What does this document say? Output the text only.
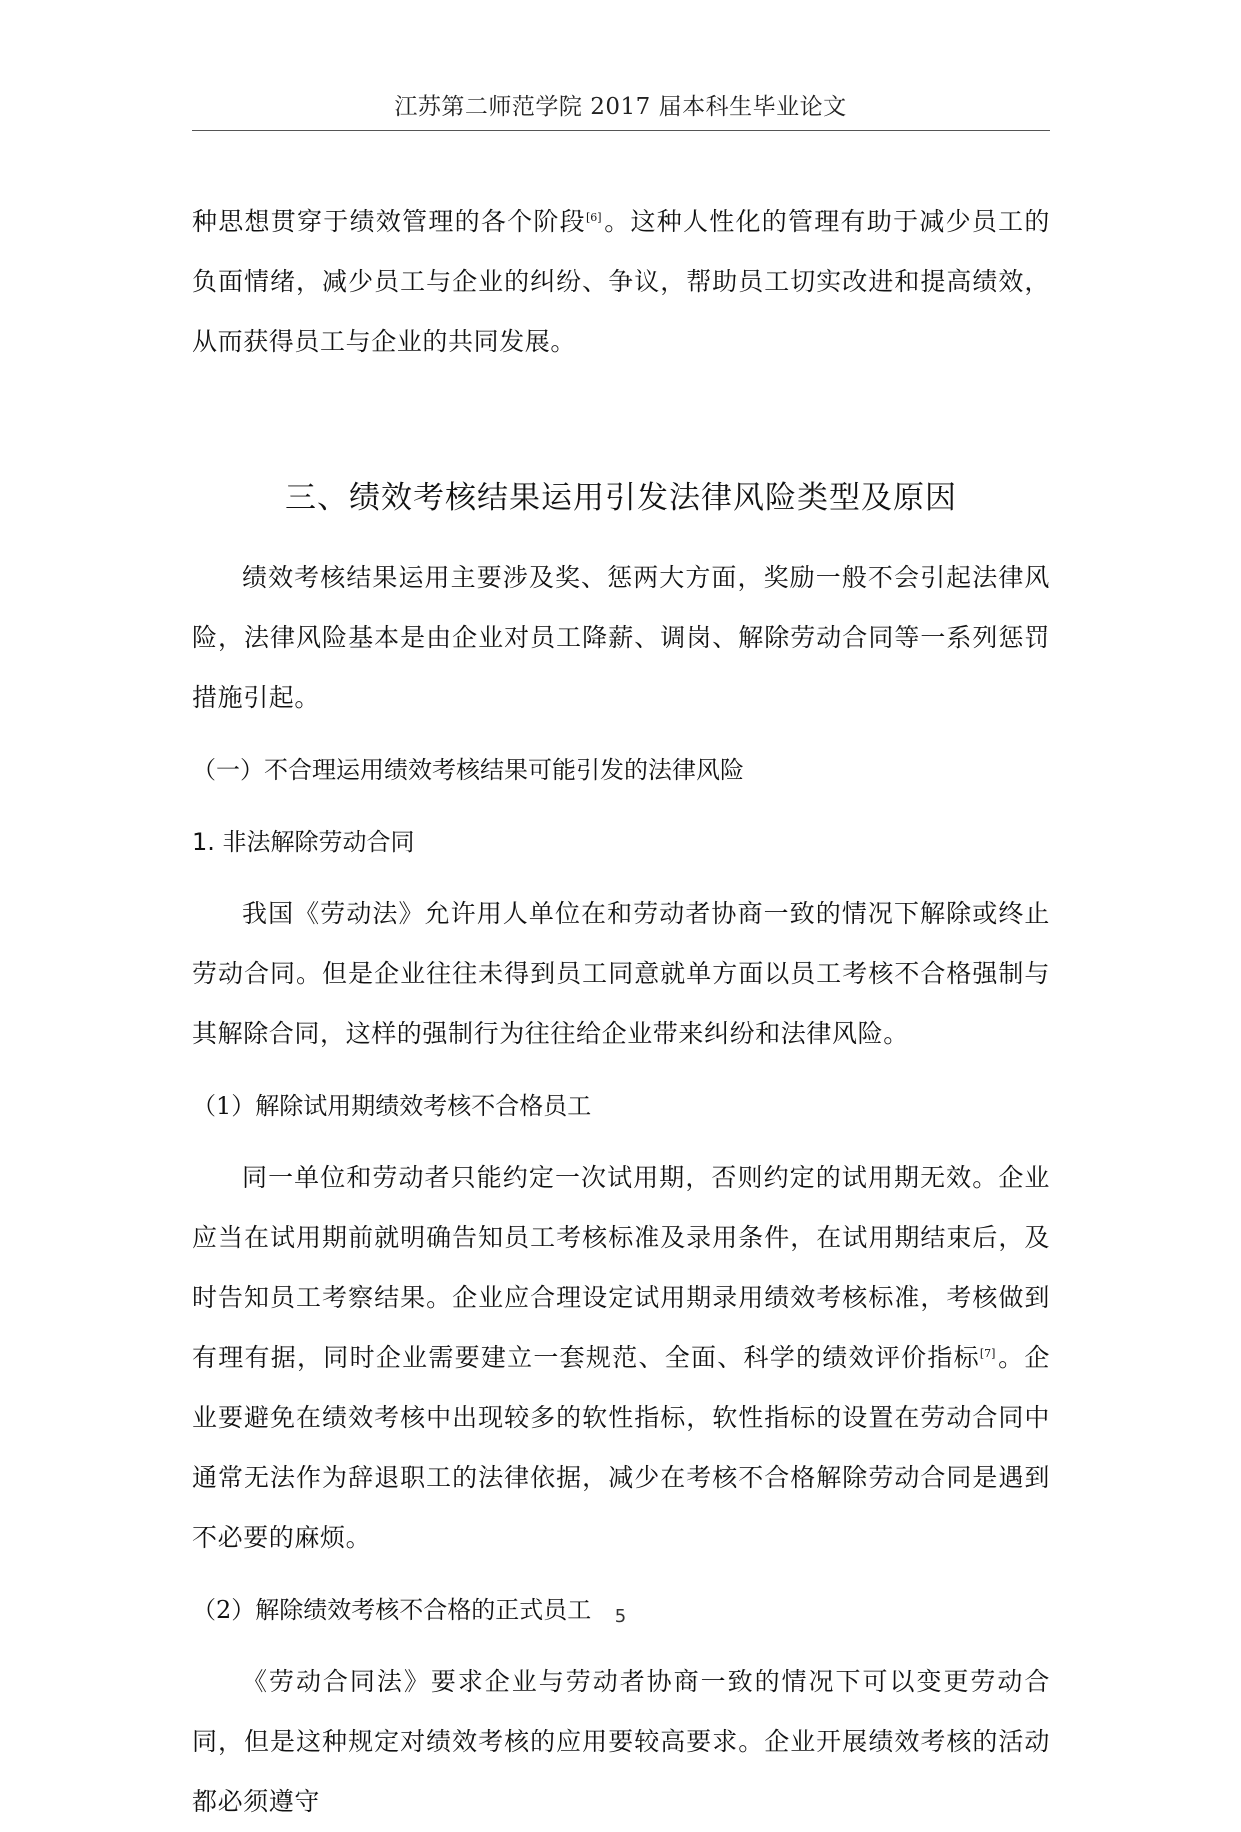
江苏第二师范学院 2017 届本科生毕业论文

种思想贯穿于绩效管理的各个阶段[6]。这种人性化的管理有助于减少员工的负面情绪，减少员工与企业的纠纷、争议，帮助员工切实改进和提高绩效，从而获得员工与企业的共同发展。

三、绩效考核结果运用引发法律风险类型及原因

绩效考核结果运用主要涉及奖、惩两大方面，奖励一般不会引起法律风险，法律风险基本是由企业对员工降薪、调岗、解除劳动合同等一系列惩罚措施引起。

（一）不合理运用绩效考核结果可能引发的法律风险
1. 非法解除劳动合同

我国《劳动法》允许用人单位在和劳动者协商一致的情况下解除或终止劳动合同。但是企业往往未得到员工同意就单方面以员工考核不合格强制与其解除合同，这样的强制行为往往给企业带来纠纷和法律风险。

（1）解除试用期绩效考核不合格员工

同一单位和劳动者只能约定一次试用期，否则约定的试用期无效。企业应当在试用期前就明确告知员工考核标准及录用条件，在试用期结束后，及时告知员工考察结果。企业应合理设定试用期录用绩效考核标准，考核做到有理有据，同时企业需要建立一套规范、全面、科学的绩效评价指标[7]。企业要避免在绩效考核中出现较多的软性指标，软性指标的设置在劳动合同中通常无法作为辞退职工的法律依据，减少在考核不合格解除劳动合同是遇到不必要的麻烦。

（2）解除绩效考核不合格的正式员工

《劳动合同法》要求企业与劳动者协商一致的情况下可以变更劳动合同，但是这种规定对绩效考核的应用要较高要求。企业开展绩效考核的活动都必须遵守

5
